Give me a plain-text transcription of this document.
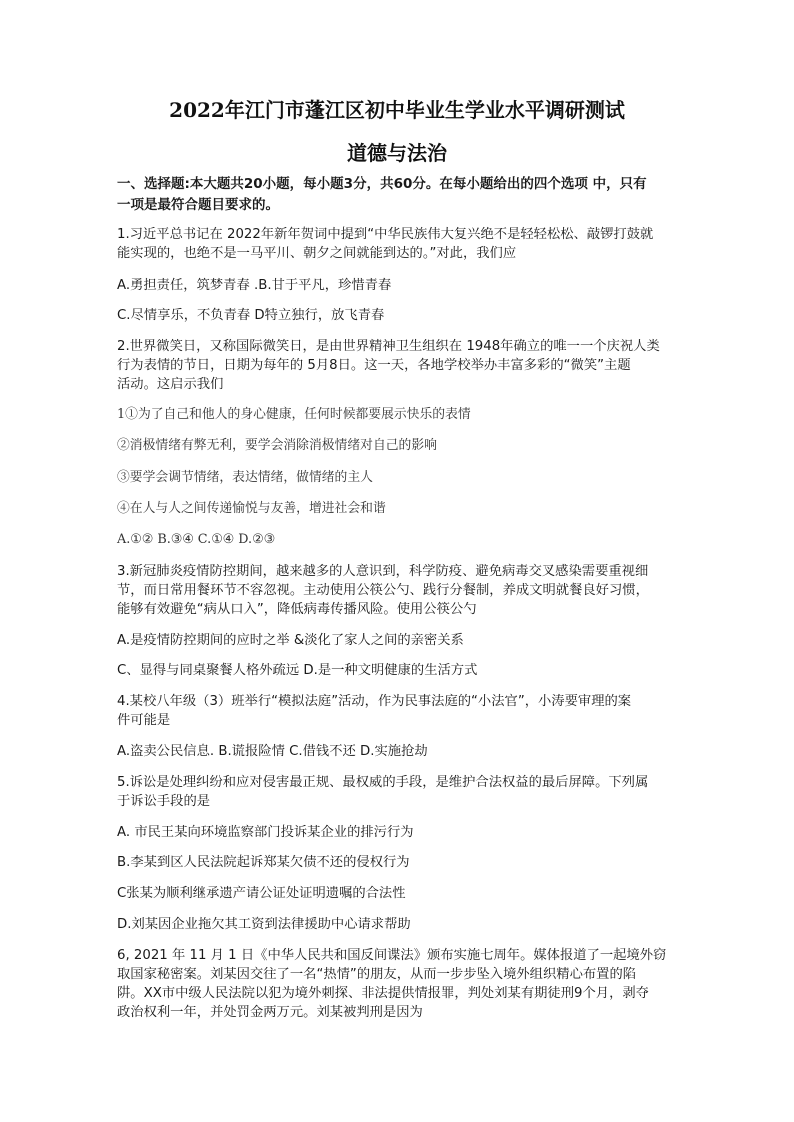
2022年江门市蓬江区初中毕业生学业水平调研测试
道德与法治
一、选择题:本大题共20小题，每小题3分，共60分。在每小题给出的四个选项 中，只有
一项是最符合题目要求的。
1.习近平总书记在 2022年新年贺词中提到“中华民族伟大复兴绝不是轻轻松松、敲锣打鼓就
能实现的，也绝不是一马平川、朝夕之间就能到达的。”对此，我们应
A.勇担责任，筑梦青春 .B.甘于平凡，珍惜青春
C.尽情享乐，不负青春 D特立独行，放飞青春
2.世界微笑日，又称国际微笑日，是由世界精神卫生组织在 1948年确立的唯一一个庆祝人类
行为表情的节日，日期为每年的 5月8日。这一天，各地学校举办丰富多彩的“微笑”主题
活动。这启示我们
1①为了自己和他人的身心健康，任何时候都要展示快乐的表情
②消极情绪有弊无利，要学会消除消极情绪对自己的影响
③要学会调节情绪，表达情绪，做情绪的主人
④在人与人之间传递愉悦与友善，增进社会和谐
A.①② B.③④ C.①④ D.②③
3.新冠肺炎疫情防控期间，越来越多的人意识到，科学防疫、避免病毒交叉感染需要重视细
节，而日常用餐环节不容忽视。主动使用公筷公勺、践行分餐制，养成文明就餐良好习惯，
能够有效避免“病从口入”，降低病毒传播风险。使用公筷公勺
A.是疫情防控期间的应时之举 &淡化了家人之间的亲密关系
C、显得与同桌聚餐人格外疏远 D.是一种文明健康的生活方式
4.某校八年级（3）班举行“模拟法庭”活动，作为民事法庭的“小法官”，小涛要审理的案
件可能是
A.盗卖公民信息. B.谎报险情 C.借钱不还 D.实施抢劫
5.诉讼是处理纠纷和应对侵害最正规、最权威的手段，是维护合法权益的最后屏障。下列属
于诉讼手段的是
A. 市民王某向环境监察部门投诉某企业的排污行为
B.李某到区人民法院起诉郑某欠债不还的侵权行为
C张某为顺利继承遗产请公证处证明遗嘱的合法性
D.刘某因企业拖欠其工资到法律援助中心请求帮助
6, 2021 年 11 月 1 日《中华人民共和国反间谍法》颁布实施七周年。媒体报道了一起境外窃
取国家秘密案。刘某因交往了一名“热情”的朋友，从而一步步坠入境外组织精心布置的陷
阱。XX市中级人民法院以犯为境外刺探、非法提供情报罪，判处刘某有期徒刑9个月，剥夺
政治权利一年，并处罚金两万元。刘某被判刑是因为
